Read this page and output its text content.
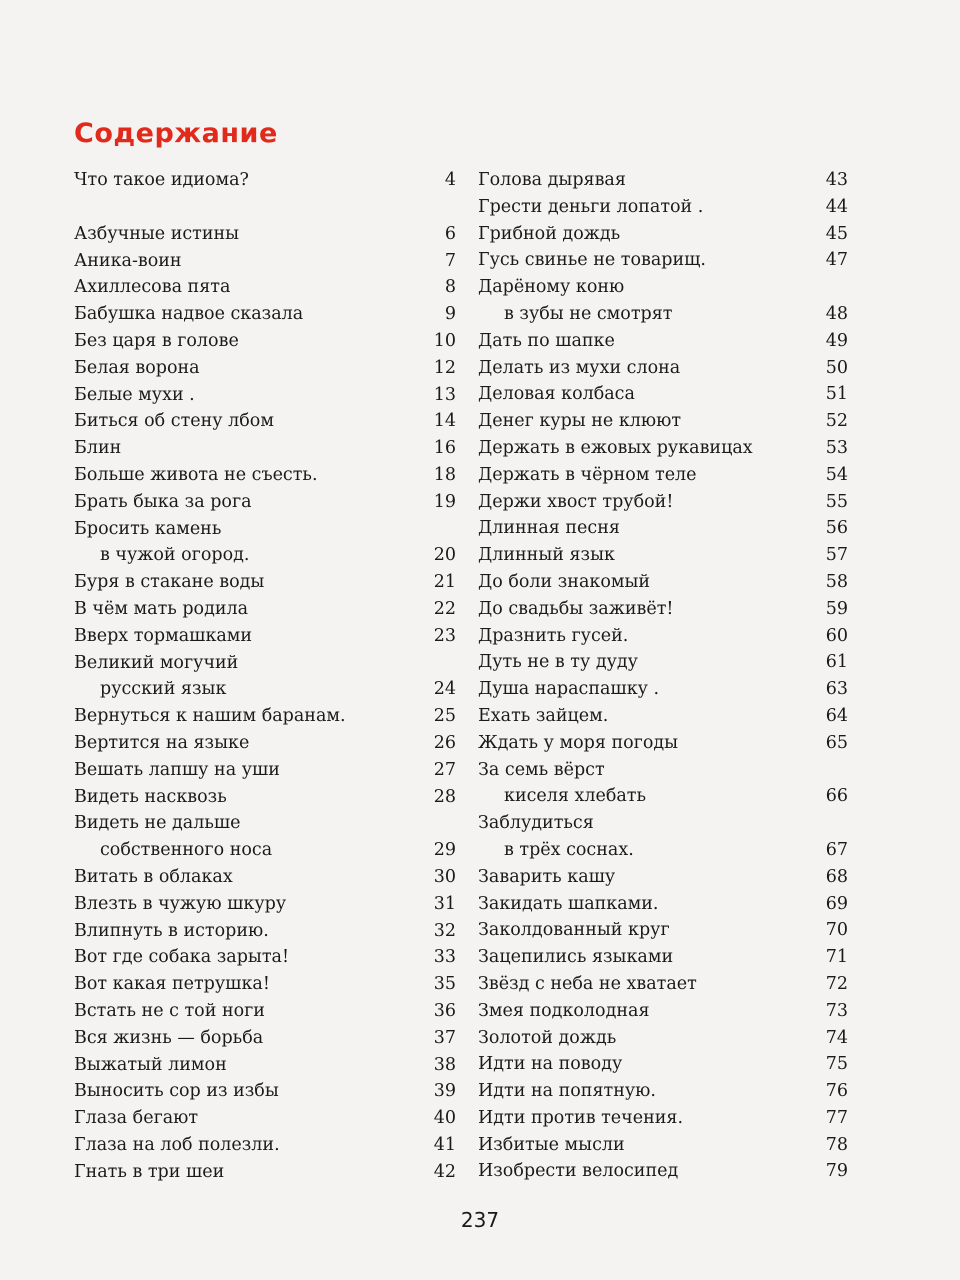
Содержание
Что такое идиома?	4
Азбучные истины	6
Аника-воин	7
Ахиллесова пята	8
Бабушка надвое сказала	9
Без царя в голове	10
Белая ворона	12
Белые мухи .	13
Биться об стену лбом	14
Блин	16
Больше живота не съесть.	18
Брать быка за рога	19
Бросить камень
в чужой огород.	20
Буря в стакане воды	21
В чём мать родила	22
Вверх тормашками	23
Великий могучий
русский язык	24
Вернуться к нашим баранам.	25
Вертится на языке	26
Вешать лапшу на уши	27
Видеть насквозь	28
Видеть не дальше
собственного носа	29
Витать в облаках	30
Влезть в чужую шкуру	31
Влипнуть в историю.	32
Вот где собака зарыта!	33
Вот какая петрушка!	35
Встать не с той ноги	36
Вся жизнь — борьба	37
Выжатый лимон	38
Выносить сор из избы	39
Глаза бегают	40
Глаза на лоб полезли.	41
Гнать в три шеи	42
Голова дырявая	43
Грести деньги лопатой .	44
Грибной дождь	45
Гусь свинье не товарищ.	47
Дарёному коню
в зубы не смотрят	48
Дать по шапке	49
Делать из мухи слона	50
Деловая колбаса	51
Денег куры не клюют	52
Держать в ежовых рукавицах	53
Держать в чёрном теле	54
Держи хвост трубой!	55
Длинная песня	56
Длинный язык	57
До боли знакомый	58
До свадьбы заживёт!	59
Дразнить гусей.	60
Дуть не в ту дуду	61
Душа нараспашку .	63
Ехать зайцем.	64
Ждать у моря погоды	65
За семь вёрст
киселя хлебать	66
Заблудиться
в трёх соснах.	67
Заварить кашу	68
Закидать шапками.	69
Заколдованный круг	70
Зацепились языками	71
Звёзд с неба не хватает	72
Змея подколодная	73
Золотой дождь	74
Идти на поводу	75
Идти на попятную.	76
Идти против течения.	77
Избитые мысли	78
Изобрести велосипед	79
237
